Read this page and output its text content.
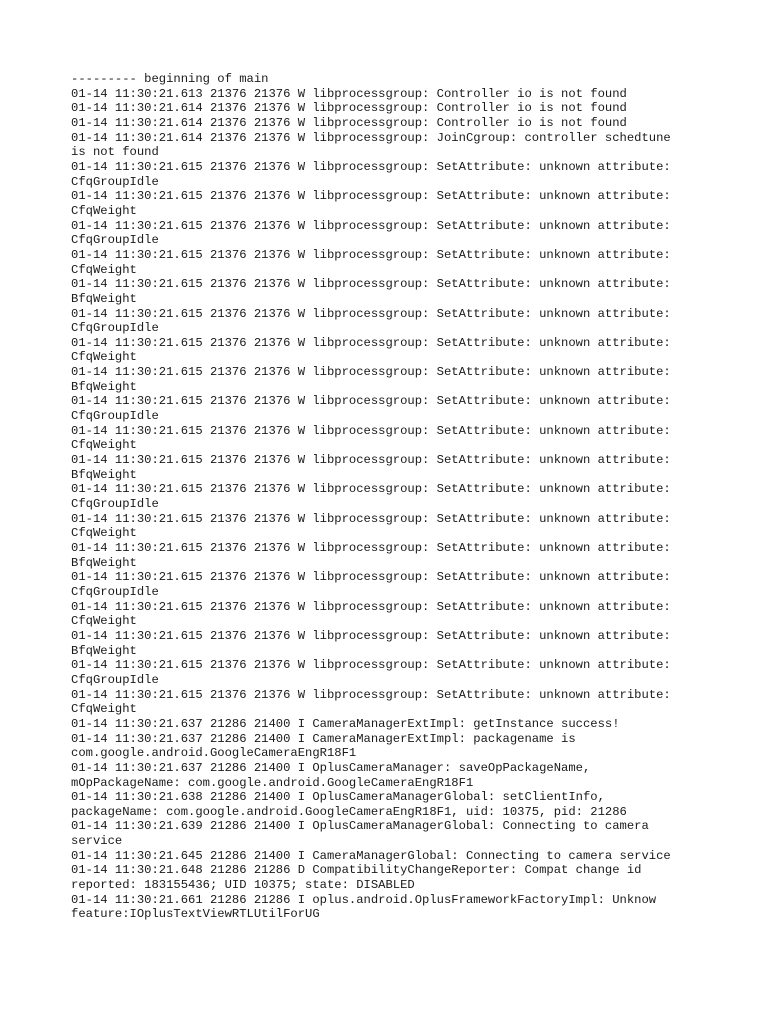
--------- beginning of main

01-14 11:30:21.613 21376 21376 W libprocessgroup: Controller io is not found

01-14 11:30:21.614 21376 21376 W libprocessgroup: Controller io is not found

01-14 11:30:21.614 21376 21376 W libprocessgroup: Controller io is not found

01-14 11:30:21.614 21376 21376 W libprocessgroup: JoinCgroup: controller schedtune
is not found

01-14 11:30:21.615 21376 21376 W libprocessgroup: SetAttribute: unknown attribute:
CfqGroupIdle

01-14 11:30:21.615 21376 21376 W libprocessgroup: SetAttribute: unknown attribute:
CfqWeight

01-14 11:30:21.615 21376 21376 W libprocessgroup: SetAttribute: unknown attribute:
CfqGroupIdle

01-14 11:30:21.615 21376 21376 W libprocessgroup: SetAttribute: unknown attribute:
CfqWeight

01-14 11:30:21.615 21376 21376 W libprocessgroup: SetAttribute: unknown attribute:
BfqWeight

01-14 11:30:21.615 21376 21376 W libprocessgroup: SetAttribute: unknown attribute:
CfqGroupIdle

01-14 11:30:21.615 21376 21376 W libprocessgroup: SetAttribute: unknown attribute:
CfqWeight

01-14 11:30:21.615 21376 21376 W libprocessgroup: SetAttribute: unknown attribute:
BfqWeight

01-14 11:30:21.615 21376 21376 W libprocessgroup: SetAttribute: unknown attribute:
CfqGroupIdle

01-14 11:30:21.615 21376 21376 W libprocessgroup: SetAttribute: unknown attribute:
CfqWeight

01-14 11:30:21.615 21376 21376 W libprocessgroup: SetAttribute: unknown attribute:
BfqWeight

01-14 11:30:21.615 21376 21376 W libprocessgroup: SetAttribute: unknown attribute:
CfqGroupIdle

01-14 11:30:21.615 21376 21376 W libprocessgroup: SetAttribute: unknown attribute:
CfqWeight

01-14 11:30:21.615 21376 21376 W libprocessgroup: SetAttribute: unknown attribute:
BfqWeight

01-14 11:30:21.615 21376 21376 W libprocessgroup: SetAttribute: unknown attribute:
CfqGroupIdle

01-14 11:30:21.615 21376 21376 W libprocessgroup: SetAttribute: unknown attribute:
CfqWeight

01-14 11:30:21.615 21376 21376 W libprocessgroup: SetAttribute: unknown attribute:
BfqWeight

01-14 11:30:21.615 21376 21376 W libprocessgroup: SetAttribute: unknown attribute:
CfqGroupIdle

01-14 11:30:21.615 21376 21376 W libprocessgroup: SetAttribute: unknown attribute:
CfqWeight

01-14 11:30:21.637 21286 21400 I CameraManagerExtImpl: getInstance success!

01-14 11:30:21.637 21286 21400 I CameraManagerExtImpl: packagename is
com.google.android.GoogleCameraEngR18F1

01-14 11:30:21.637 21286 21400 I OplusCameraManager: saveOpPackageName,
mOpPackageName: com.google.android.GoogleCameraEngR18F1

01-14 11:30:21.638 21286 21400 I OplusCameraManagerGlobal: setClientInfo,
packageName: com.google.android.GoogleCameraEngR18F1, uid: 10375, pid: 21286

01-14 11:30:21.639 21286 21400 I OplusCameraManagerGlobal: Connecting to camera
service

01-14 11:30:21.645 21286 21400 I CameraManagerGlobal: Connecting to camera service

01-14 11:30:21.648 21286 21286 D CompatibilityChangeReporter: Compat change id
reported: 183155436; UID 10375; state: DISABLED

01-14 11:30:21.661 21286 21286 I oplus.android.OplusFrameworkFactoryImpl: Unknow
feature:IOplusTextViewRTLUtilForUG
